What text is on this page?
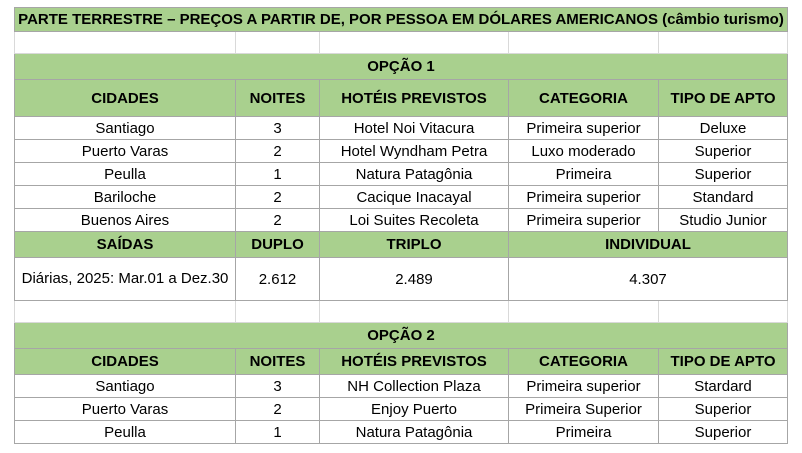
PARTE TERRESTRE – PREÇOS A PARTIR DE, POR PESSOA EM DÓLARES AMERICANOS (câmbio turismo)				

OPÇÃO 1				
CIDADES	NOITES	HOTÉIS PREVISTOS	CATEGORIA	TIPO DE APTO
Santiago	3	Hotel Noi Vitacura	Primeira superior	Deluxe
Puerto Varas	2	Hotel Wyndham Petra	Luxo moderado	Superior
Peulla	1	Natura Patagônia	Primeira	Superior
Bariloche	2	Cacique Inacayal	Primeira superior	Standard
Buenos Aires	2	Loi Suites Recoleta	Primeira superior	Studio Junior
SAÍDAS	DUPLO	TRIPLO	INDIVIDUAL	
Diárias, 2025: Mar.01 a Dez.30	2.612	2.489	4.307	

OPÇÃO 2				
CIDADES	NOITES	HOTÉIS PREVISTOS	CATEGORIA	TIPO DE APTO
Santiago	3	NH Collection Plaza	Primeira superior	Stardard
Puerto Varas	2	Enjoy Puerto	Primeira Superior	Superior
Peulla	1	Natura Patagônia	Primeira	Superior
